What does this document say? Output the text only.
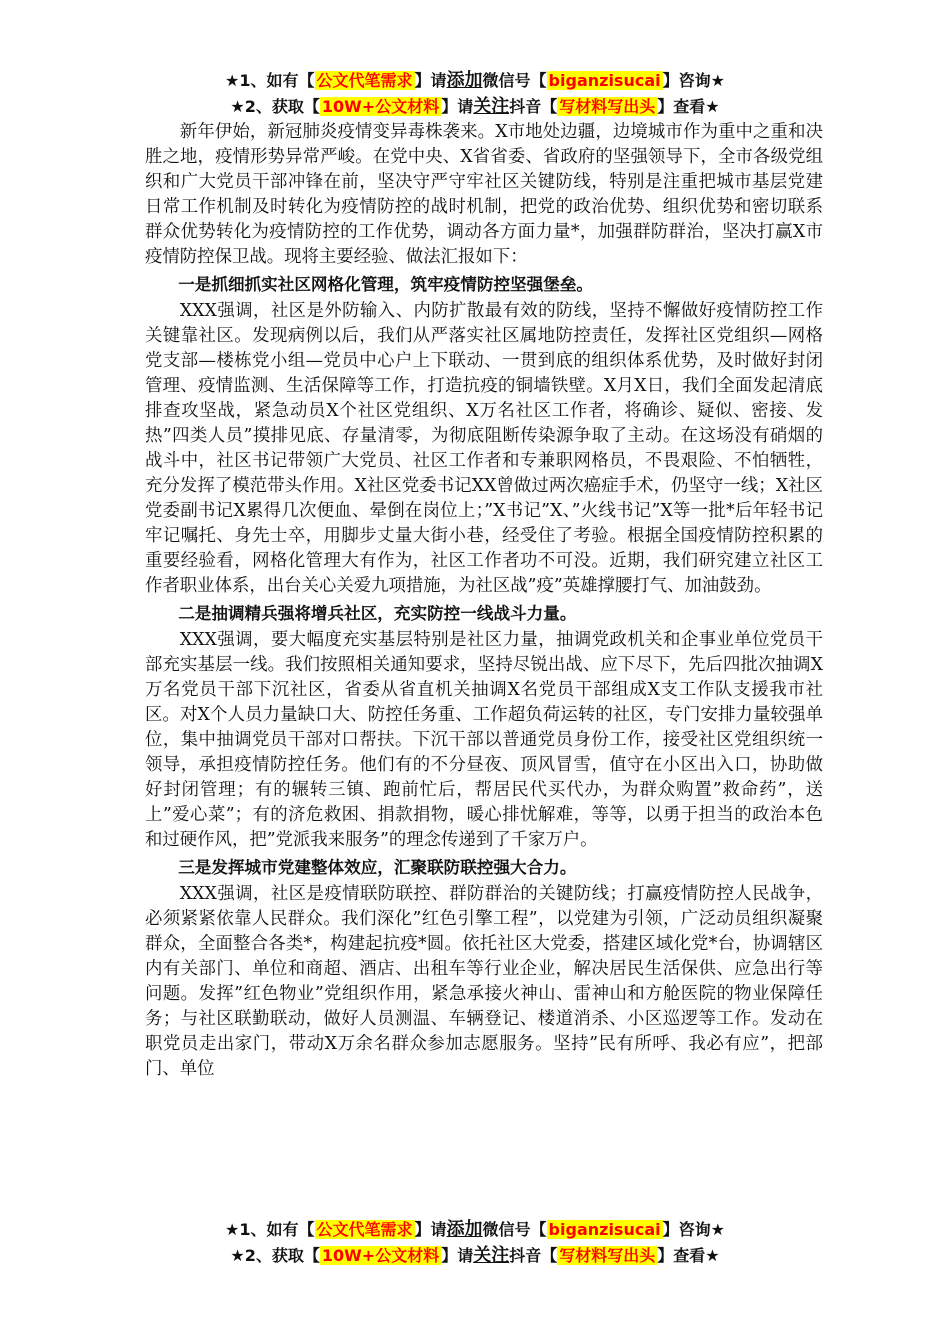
★1、如有【 公文代笔需求 】请添加微信号【 biganzisucai 】咨询★
★2、获取【 10W+公文材料 】请关注抖音【 写材料写出头 】查看★

新年伊始，新冠肺炎疫情变异毒株袭来。X市地处边疆，边境城市作为重中之重和决胜之地，疫情形势异常严峻。在党中央、X省省委、省政府的坚强领导下，全市各级党组织和广大党员干部冲锋在前，坚决守严守牢社区关键防线，特别是注重把城市基层党建日常工作机制及时转化为疫情防控的战时机制，把党的政治优势、组织优势和密切联系群众优势转化为疫情防控的工作优势，调动各方面力量*，加强群防群治，坚决打赢X市疫情防控保卫战。现将主要经验、做法汇报如下：

一是抓细抓实社区网格化管理，筑牢疫情防控坚强堡垒。

XXX强调，社区是外防输入、内防扩散最有效的防线，坚持不懈做好疫情防控工作关键靠社区。发现病例以后，我们从严落实社区属地防控责任，发挥社区党组织—网格党支部—楼栋党小组—党员中心户上下联动、一贯到底的组织体系优势，及时做好封闭管理、疫情监测、生活保障等工作，打造抗疫的铜墙铁壁。X月X日，我们全面发起清底排查攻坚战，紧急动员X个社区党组织、X万名社区工作者，将确诊、疑似、密接、发热”四类人员”摸排见底、存量清零，为彻底阻断传染源争取了主动。在这场没有硝烟的战斗中，社区书记带领广大党员、社区工作者和专兼职网格员，不畏艰险、不怕牺牲，充分发挥了模范带头作用。X社区党委书记XX曾做过两次癌症手术，仍坚守一线；X社区党委副书记X累得几次便血、晕倒在岗位上；”X书记”X、”火线书记”X等一批*后年轻书记牢记嘱托、身先士卒，用脚步丈量大街小巷，经受住了考验。根据全国疫情防控积累的重要经验看，网格化管理大有作为，社区工作者功不可没。近期，我们研究建立社区工作者职业体系，出台关心关爱九项措施，为社区战”疫”英雄撑腰打气、加油鼓劲。

二是抽调精兵强将增兵社区，充实防控一线战斗力量。

XXX强调，要大幅度充实基层特别是社区力量，抽调党政机关和企事业单位党员干部充实基层一线。我们按照相关通知要求，坚持尽锐出战、应下尽下，先后四批次抽调X万名党员干部下沉社区，省委从省直机关抽调X名党员干部组成X支工作队支援我市社区。对X个人员力量缺口大、防控任务重、工作超负荷运转的社区，专门安排力量较强单位，集中抽调党员干部对口帮扶。下沉干部以普通党员身份工作，接受社区党组织统一领导，承担疫情防控任务。他们有的不分昼夜、顶风冒雪，值守在小区出入口，协助做好封闭管理；有的辗转三镇、跑前忙后，帮居民代买代办，为群众购置”救命药”，送上”爱心菜”；有的济危救困、捐款捐物，暖心排忧解难，等等，以勇于担当的政治本色和过硬作风，把”党派我来服务”的理念传递到了千家万户。

三是发挥城市党建整体效应，汇聚联防联控强大合力。

XXX强调，社区是疫情联防联控、群防群治的关键防线；打赢疫情防控人民战争，必须紧紧依靠人民群众。我们深化”红色引擎工程”，以党建为引领，广泛动员组织凝聚群众，全面整合各类*，构建起抗疫*圆。依托社区大党委，搭建区域化党*台，协调辖区内有关部门、单位和商超、酒店、出租车等行业企业，解决居民生活保供、应急出行等问题。发挥”红色物业”党组织作用，紧急承接火神山、雷神山和方舱医院的物业保障任务；与社区联勤联动，做好人员测温、车辆登记、楼道消杀、小区巡逻等工作。发动在职党员走出家门，带动X万余名群众参加志愿服务。坚持”民有所呼、我必有应”，把部门、单位

★1、如有【 公文代笔需求 】请添加微信号【 biganzisucai 】咨询★
★2、获取【 10W+公文材料 】请关注抖音【 写材料写出头 】查看★
